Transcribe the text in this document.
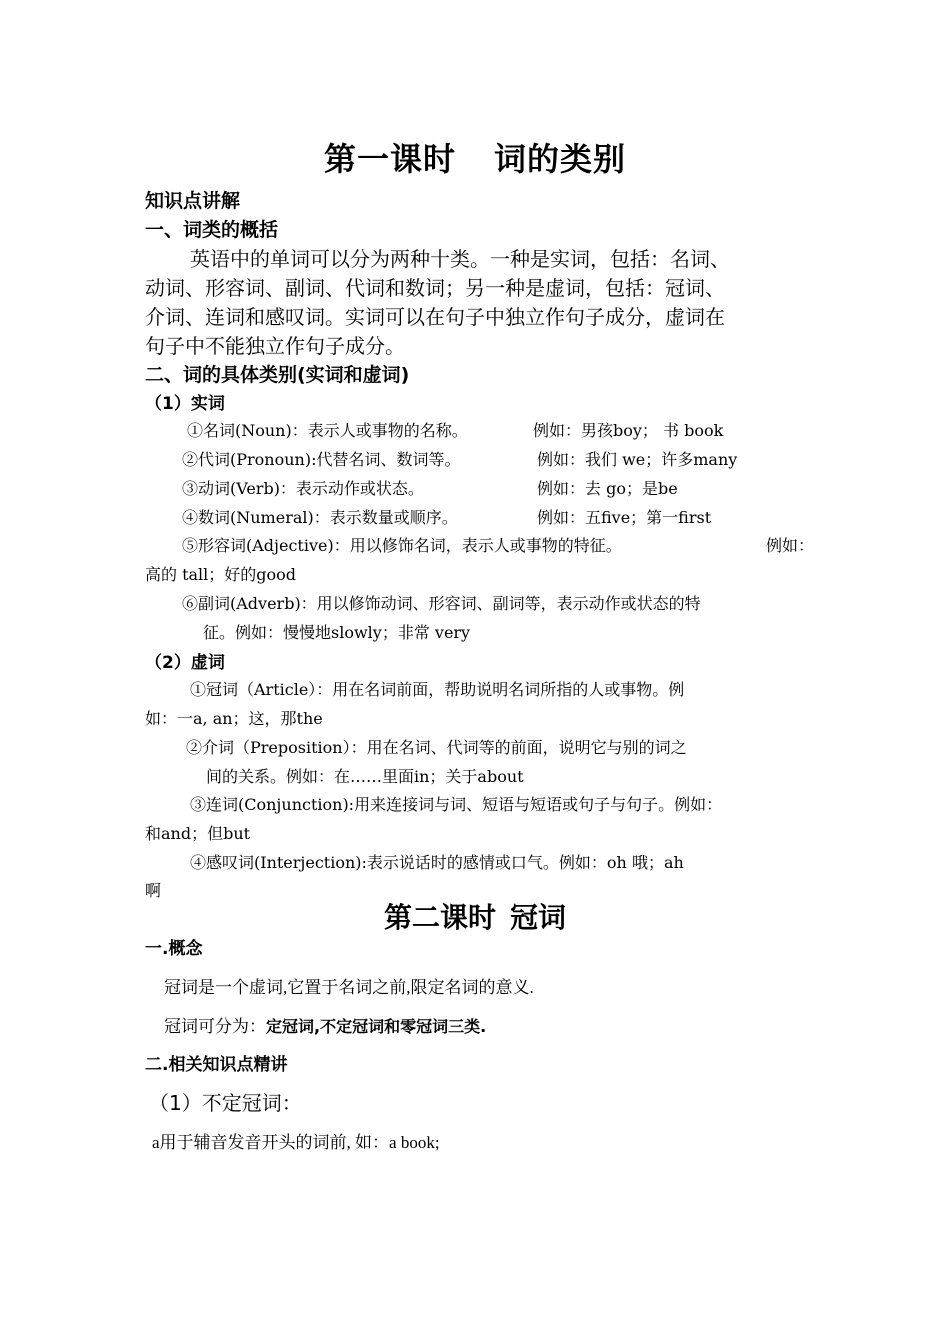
第一课时 词的类别
知识点讲解
一、词类的概括
英语中的单词可以分为两种十类。一种是实词，包括：名词、
动词、形容词、副词、代词和数词；另一种是虚词，包括：冠词、
介词、连词和感叹词。实词可以在句子中独立作句子成分，虚词在
句子中不能独立作句子成分。
二、词的具体类别(实词和虚词)
（1）实词
①名词(Noun)：表示人或事物的名称。	例如：男孩boy； 书 book
②代词(Pronoun):代替名词、数词等。	例如：我们 we；许多many
③动词(Verb)：表示动作或状态。	例如：去 go；是be
④数词(Numeral)：表示数量或顺序。	例如：五five；第一first
⑤形容词(Adjective)：用以修饰名词，表示人或事物的特征。	例如：
高的 tall；好的good
⑥副词(Adverb)：用以修饰动词、形容词、副词等，表示动作或状态的特
征。例如：慢慢地slowly；非常 very
（2）虚词
①冠词（Article）：用在名词前面，帮助说明名词所指的人或事物。例
如：一a, an；这，那the
②介词（Preposition）：用在名词、代词等的前面，说明它与别的词之
间的关系。例如：在……里面in；关于about
③连词(Conjunction):用来连接词与词、短语与短语或句子与句子。例如：
和and；但but
④感叹词(Interjection):表示说话时的感情或口气。例如：oh 哦；ah
啊
第二课时 冠词
一.概念
冠词是一个虚词,它置于名词之前,限定名词的意义.
冠词可分为：定冠词,不定冠词和零冠词三类.
二.相关知识点精讲
（1）不定冠词：
a用于辅音发音开头的词前, 如：a book;
